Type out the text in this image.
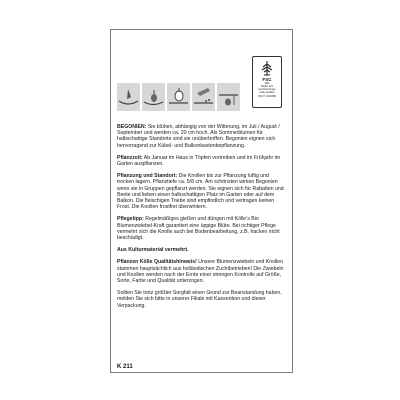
FSC
MIX
Papier aus verantwortungs-
vollen Quellen
FSC® C116086

BEGONIEN: Sie blühen, abhängig von der Witterung, im Juli / August / September und werden ca. 20 cm hoch. Als Sommerblumen für halbschattige Standorte sind sie unübertroffen. Begonien eignen sich hervorragend zur Kübel- und Balkonkastenbepflanzung.

Pflanzzeit: Ab Januar im Haus in Töpfen vortreiben und im Frühjahr im Garten auspflanzen.

Pflanzung und Standort: Die Knollen bis zur Pflanzung luftig und trocken lagern. Pflanztiefe ca. 5/8 cm. Am schönsten wirken Begonien wenn sie in Gruppen gepflanzt werden. Sie eignen sich für Rabatten und Beete und lieben einen halbschattigen Platz im Garten oder auf dem Balkon. Die fleischigen Triebe sind empfindlich und vertragen keinen Frost. Die Knollen frostfrei überwintern.

Pflegetipp: Regelmäßiges gießen und düngen mit Kölle’s Bio Blumenzwiebel-Kraft garantiert eine üppige Blüte. Bei richtiger Pflege vermehrt sich die Knolle auch bei Bodenbearbeitung, z.B. hacken nicht beschädigt.

Aus Kulturmaterial vermehrt.

Pflanzen Kölle Qualitätshinweis! Unsere Blumenzwiebeln und Knollen stammen hauptsächlich aus holländischen Zuchtbetrieben! Die Zwiebeln und Knollen werden nach der Ernte einer strengen Kontrolle auf Größe, Sorte, Farbe und Qualität unterzogen.

Sollten Sie trotz größter Sorgfalt einen Grund zur Beanstandung haben, melden Sie sich bitte in unserer Filiale mit Kassenbon und dieser Verpackung.

K 211
